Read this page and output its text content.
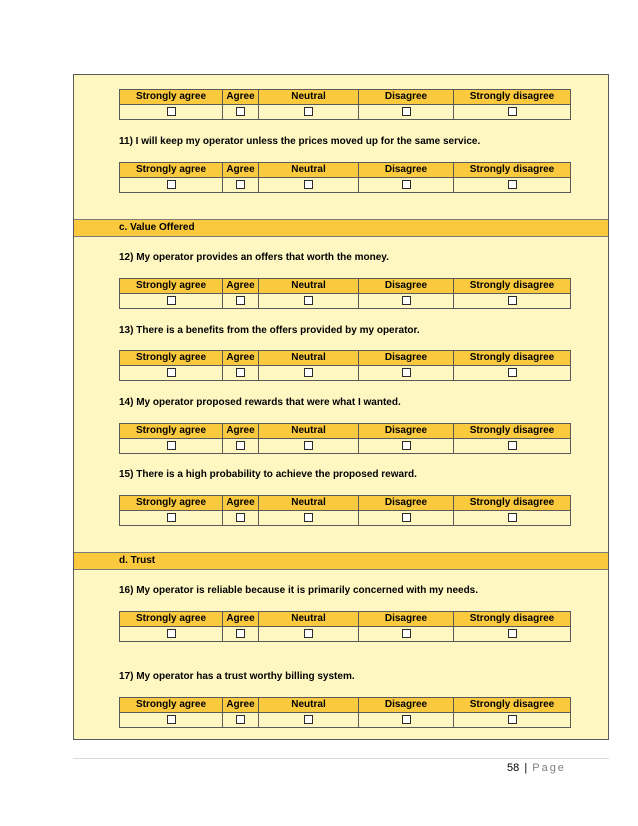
Strongly agree	Agree	Neutral	Disagree	Strongly disagree

11) I will keep my operator unless the prices moved up for the same service.
Strongly agree	Agree	Neutral	Disagree	Strongly disagree

c. Value Offered
12) My operator provides an offers that worth the money.
Strongly agree	Agree	Neutral	Disagree	Strongly disagree

13) There is a benefits from the offers provided by my operator.
Strongly agree	Agree	Neutral	Disagree	Strongly disagree

14) My operator proposed rewards that were what I wanted.
Strongly agree	Agree	Neutral	Disagree	Strongly disagree

15) There is a high probability to achieve the proposed reward.
Strongly agree	Agree	Neutral	Disagree	Strongly disagree

d. Trust
16) My operator is reliable because it is primarily concerned with my needs.
Strongly agree	Agree	Neutral	Disagree	Strongly disagree

17) My operator has a trust worthy billing system.
Strongly agree	Agree	Neutral	Disagree	Strongly disagree

58 | Page
